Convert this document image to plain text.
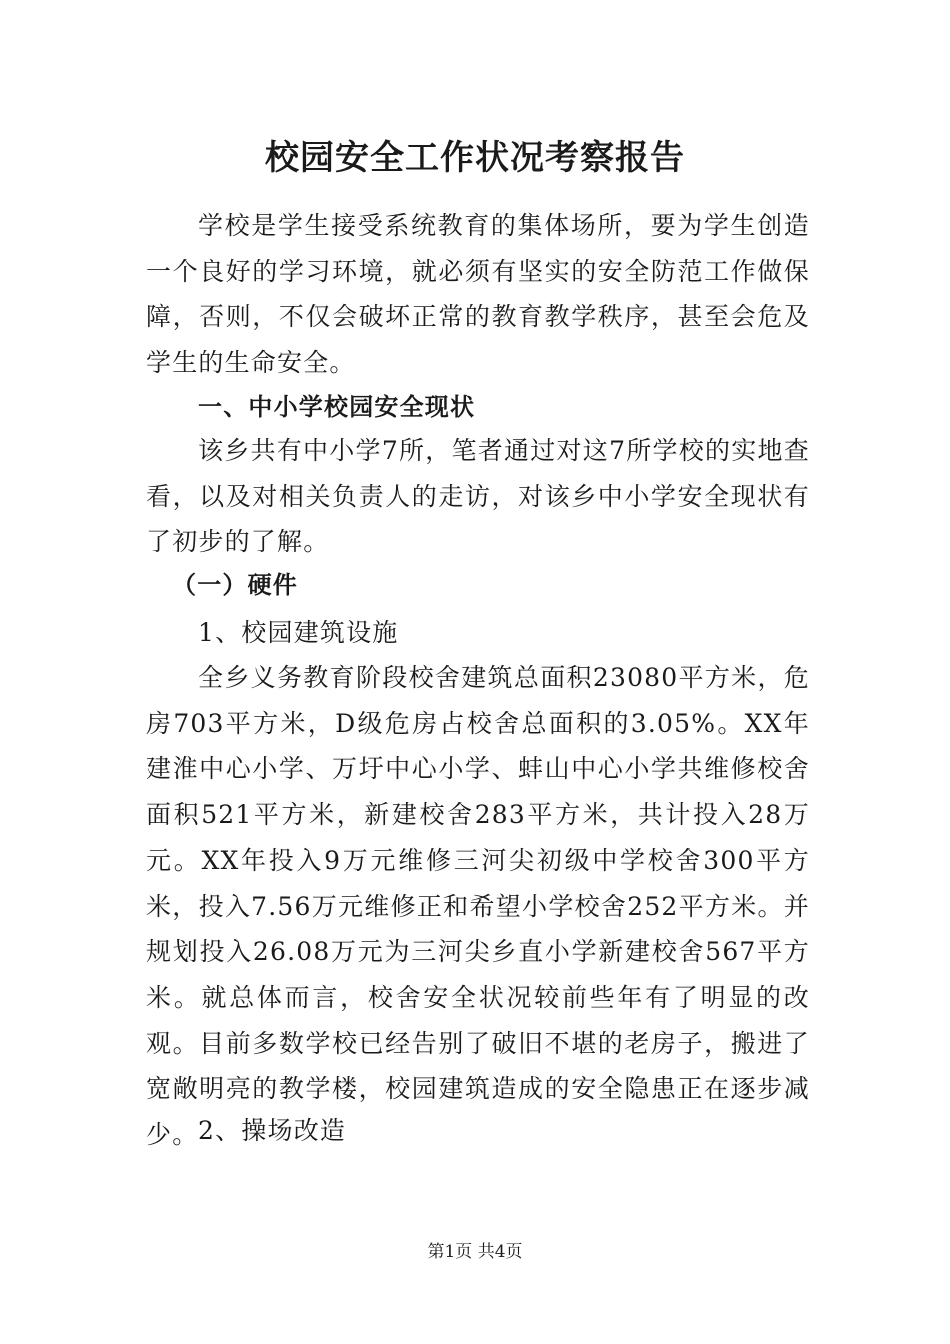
校园安全工作状况考察报告
学校是学生接受系统教育的集体场所，要为学生创造一个良好的学习环境，就必须有坚实的安全防范工作做保障，否则，不仅会破坏正常的教育教学秩序，甚至会危及学生的生命安全。
一、中小学校园安全现状
该乡共有中小学7所，笔者通过对这7所学校的实地查看，以及对相关负责人的走访，对该乡中小学安全现状有了初步的了解。
（一）硬件
1、校园建筑设施
全乡义务教育阶段校舍建筑总面积23080平方米，危房703平方米，D级危房占校舍总面积的3.05%。XX年建淮中心小学、万圩中心小学、蚌山中心小学共维修校舍面积521平方米，新建校舍283平方米，共计投入28万元。XX年投入9万元维修三河尖初级中学校舍300平方米，投入7.56万元维修正和希望小学校舍252平方米。并规划投入26.08万元为三河尖乡直小学新建校舍567平方米。就总体而言，校舍安全状况较前些年有了明显的改观。目前多数学校已经告别了破旧不堪的老房子，搬进了宽敞明亮的教学楼，校园建筑造成的安全隐患正在逐步减少。 2、操场改造
第1页 共4页
